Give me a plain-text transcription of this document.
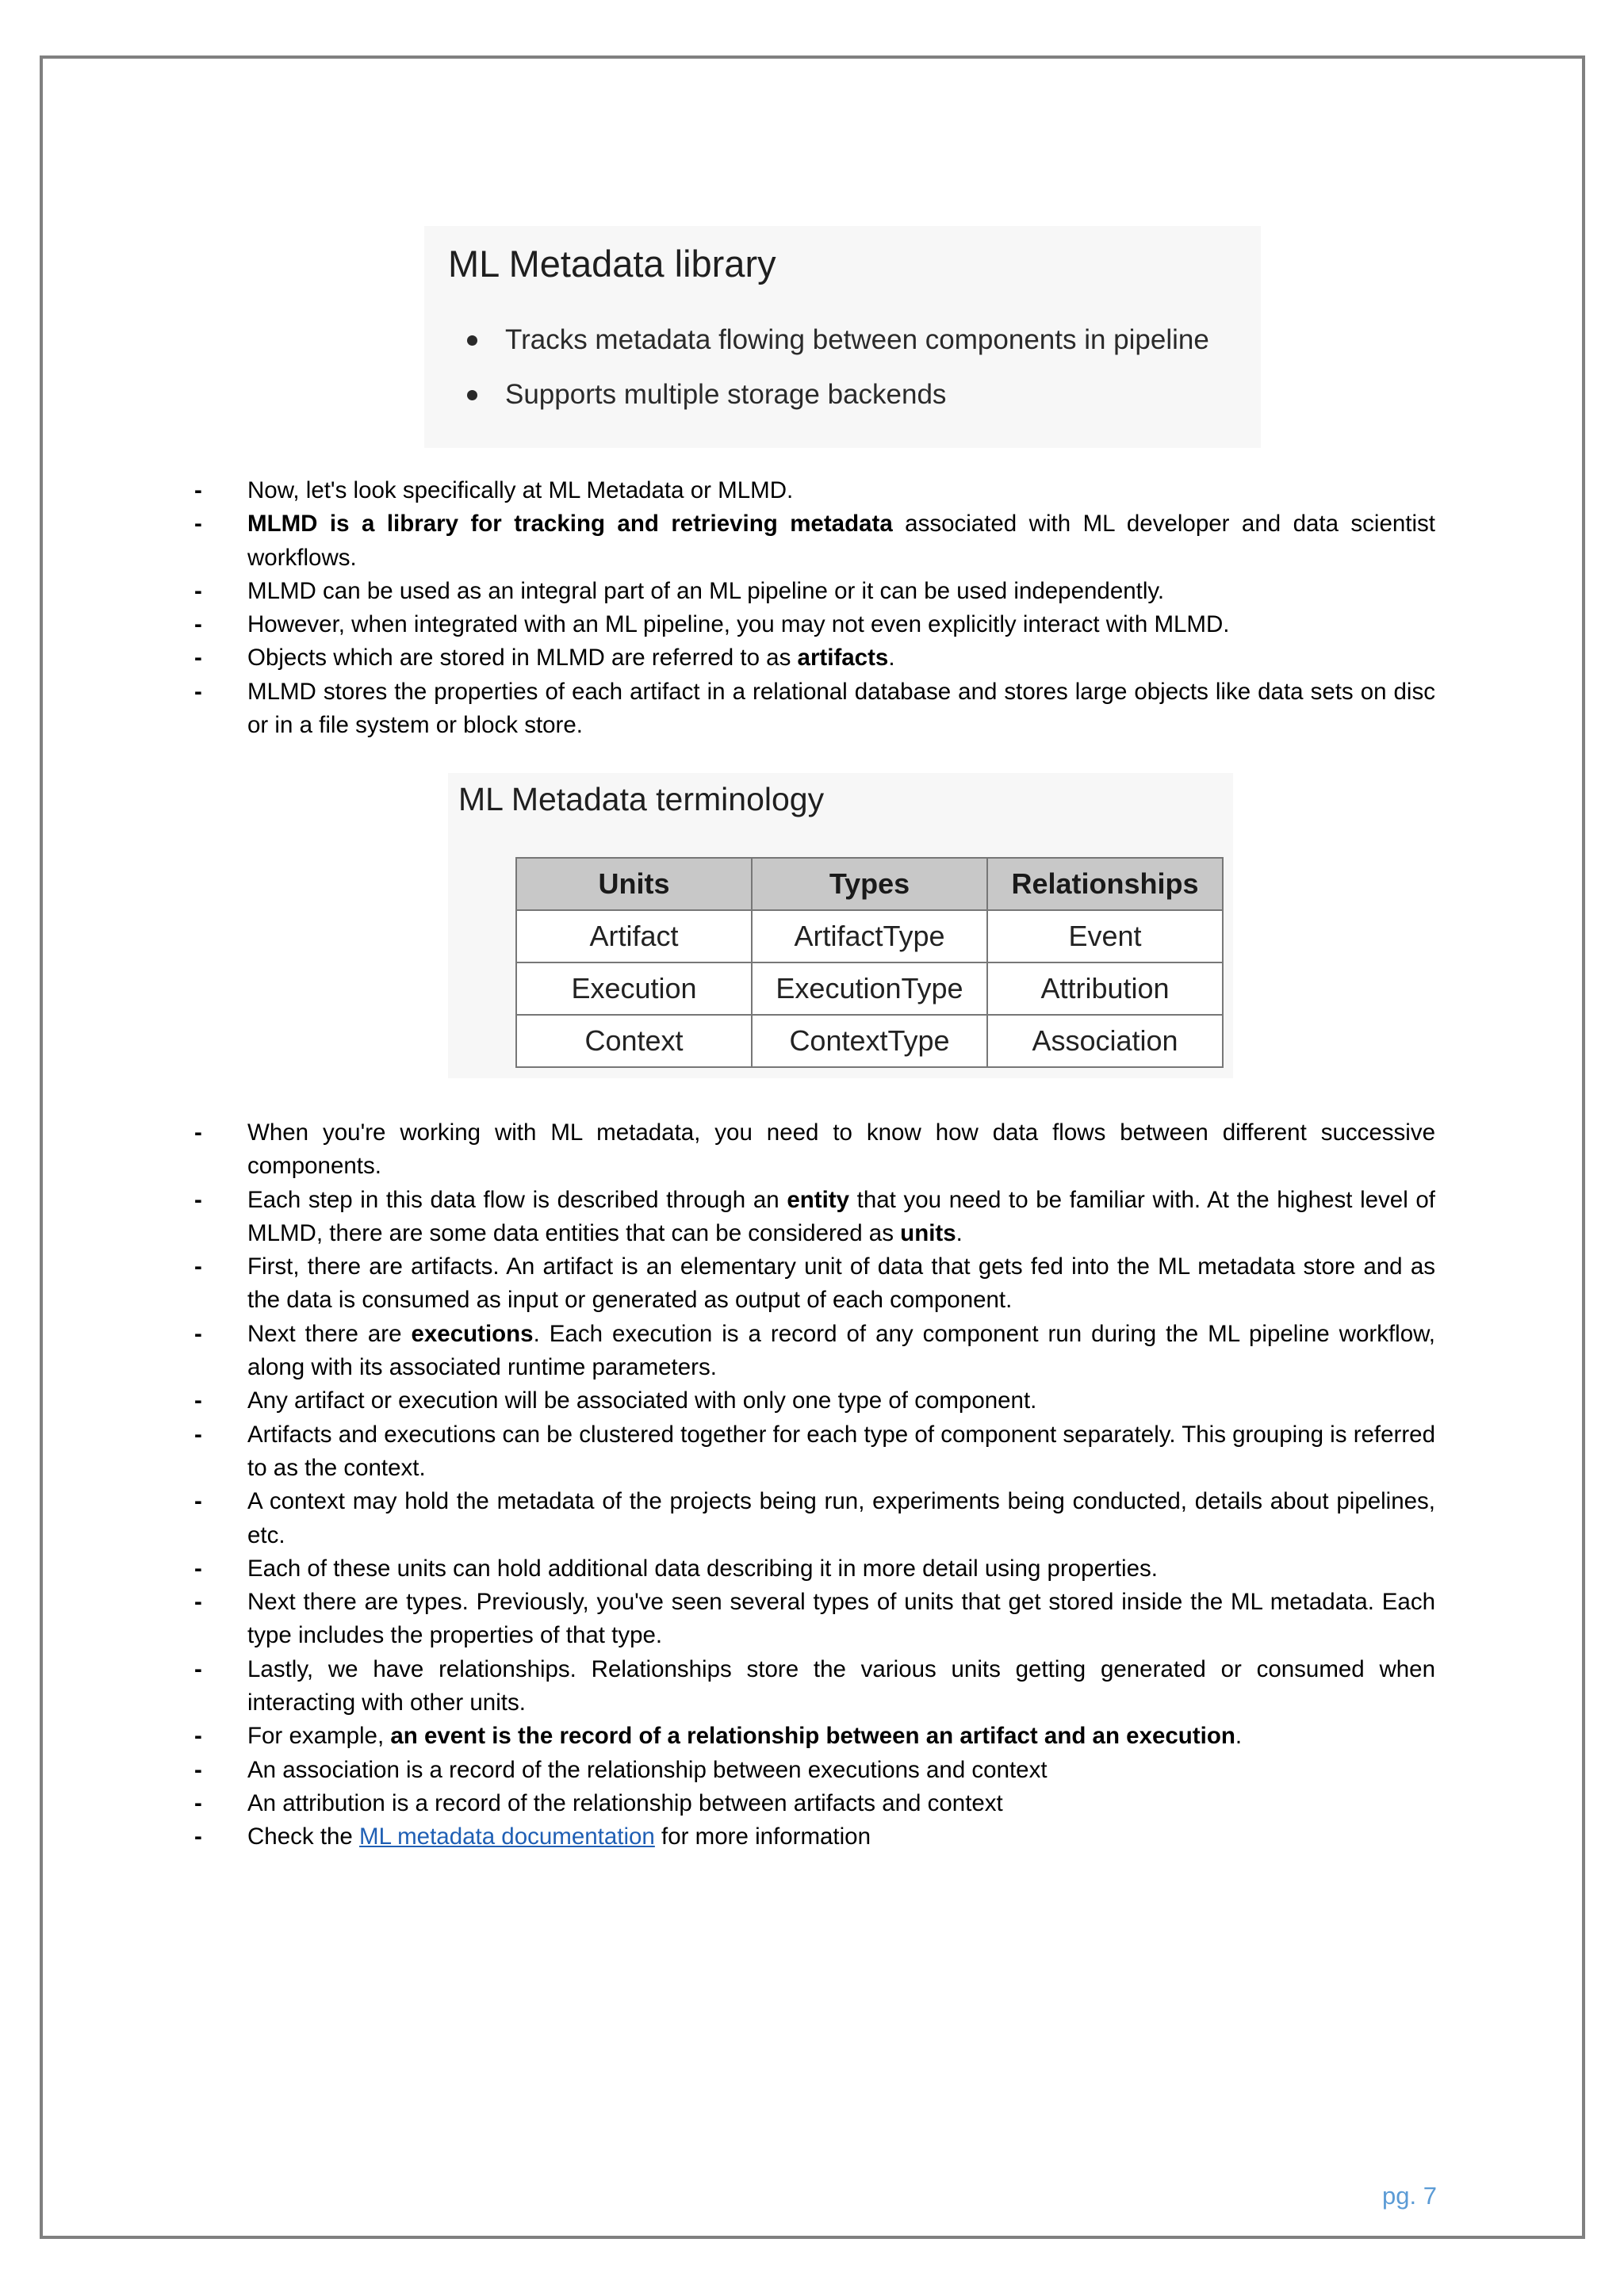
ML Metadata library
Tracks metadata flowing between components in pipeline
Supports multiple storage backends
- Now, let's look specifically at ML Metadata or MLMD.
- MLMD is a library for tracking and retrieving metadata associated with ML developer and data scientist workflows.
- MLMD can be used as an integral part of an ML pipeline or it can be used independently.
- However, when integrated with an ML pipeline, you may not even explicitly interact with MLMD.
- Objects which are stored in MLMD are referred to as artifacts.
- MLMD stores the properties of each artifact in a relational database and stores large objects like data sets on disc or in a file system or block store.
ML Metadata terminology
Units	Types	Relationships
Artifact	ArtifactType	Event
Execution	ExecutionType	Attribution
Context	ContextType	Association
- When you're working with ML metadata, you need to know how data flows between different successive components.
- Each step in this data flow is described through an entity that you need to be familiar with. At the highest level of MLMD, there are some data entities that can be considered as units.
- First, there are artifacts. An artifact is an elementary unit of data that gets fed into the ML metadata store and as the data is consumed as input or generated as output of each component.
- Next there are executions. Each execution is a record of any component run during the ML pipeline workflow, along with its associated runtime parameters.
- Any artifact or execution will be associated with only one type of component.
- Artifacts and executions can be clustered together for each type of component separately. This grouping is referred to as the context.
- A context may hold the metadata of the projects being run, experiments being conducted, details about pipelines, etc.
- Each of these units can hold additional data describing it in more detail using properties.
- Next there are types. Previously, you've seen several types of units that get stored inside the ML metadata. Each type includes the properties of that type.
- Lastly, we have relationships. Relationships store the various units getting generated or consumed when interacting with other units.
- For example, an event is the record of a relationship between an artifact and an execution.
- An association is a record of the relationship between executions and context
- An attribution is a record of the relationship between artifacts and context
- Check the ML metadata documentation for more information
pg. 7
